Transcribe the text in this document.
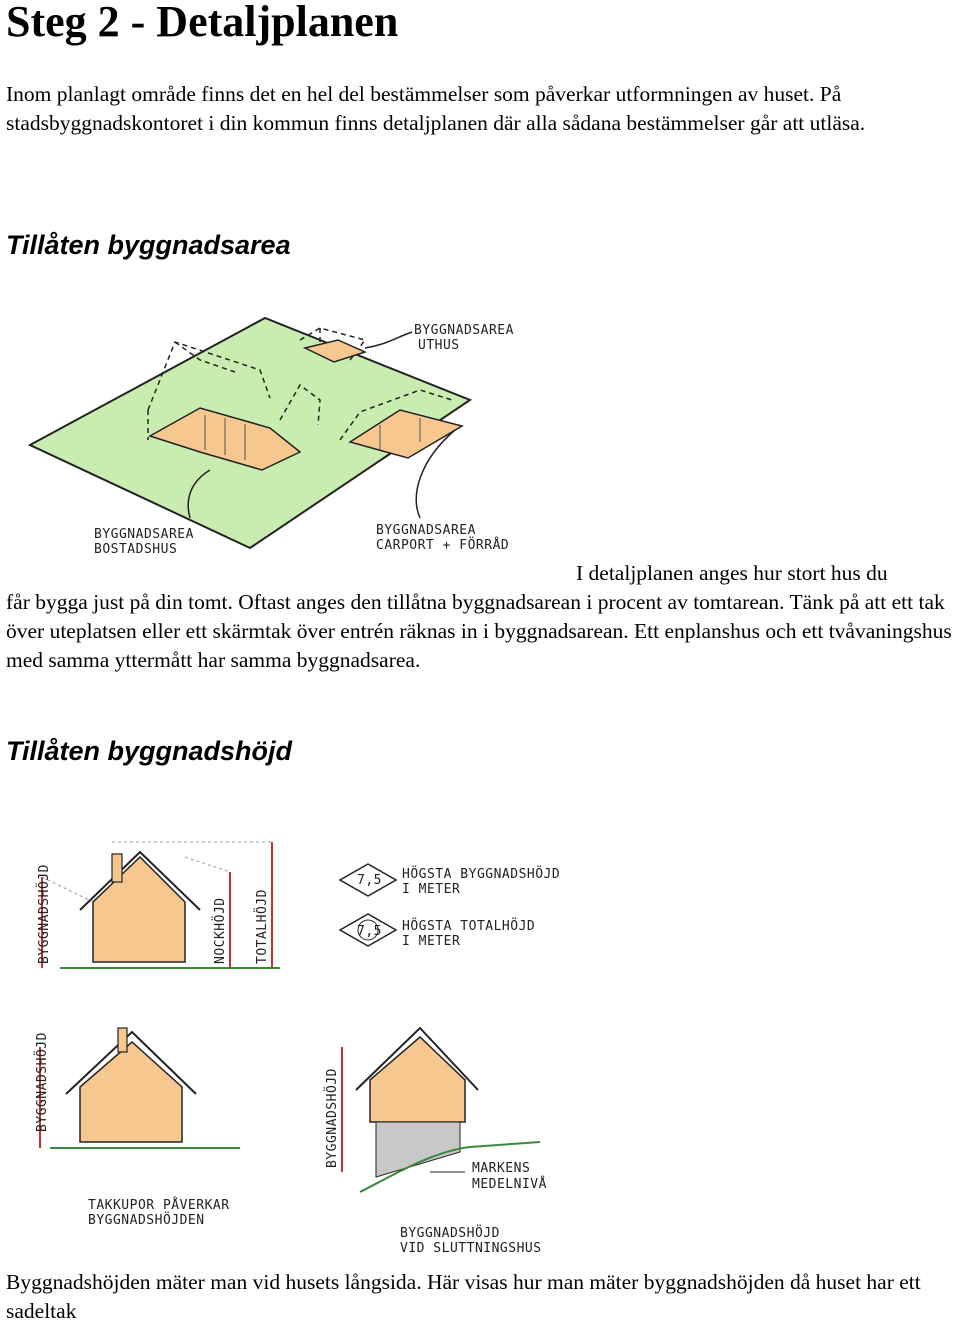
Steg 2 - Detaljplanen

Inom planlagt område finns det en hel del bestämmelser som påverkar utformningen av huset. På stadsbyggnadskontoret i din kommun finns detaljplanen där alla sådana bestämmelser går att utläsa.

Tillåten byggnadsarea
BYGGNADSAREA
UTHUS
BYGGNADSAREA
BOSTADSHUS
BYGGNADSAREA
CARPORT + FÖRRÅD
I detaljplanen anges hur stort hus du

får bygga just på din tomt. Oftast anges den tillåtna byggnadsarean i procent av tomtarean. Tänk på att ett tak över uteplatsen eller ett skärmtak över entrén räknas in i byggnadsarean. Ett enplanshus och ett tvåvaningshus med samma yttermått har samma byggnadsarea.

Tillåten byggnadshöjd
BYGGNADSHÖJD	NOCKHÖJD TOTALHÖJD
7,5 HÖGSTA BYGGNADSHÖJD
I METER
7,5 HÖGSTA TOTALHÖJD
I METER
BYGGNADSHÖJD
TAKKUPOR PÅVERKAR
BYGGNADSHÖJDEN
BYGGNADSHÖJD
MARKENS
MEDELNIVÅ
BYGGNADSHÖJD
VID SLUTTNINGSHUS

Byggnadshöjden mäter man vid husets långsida. Här visas hur man mäter byggnadshöjden då huset har ett sadeltak
